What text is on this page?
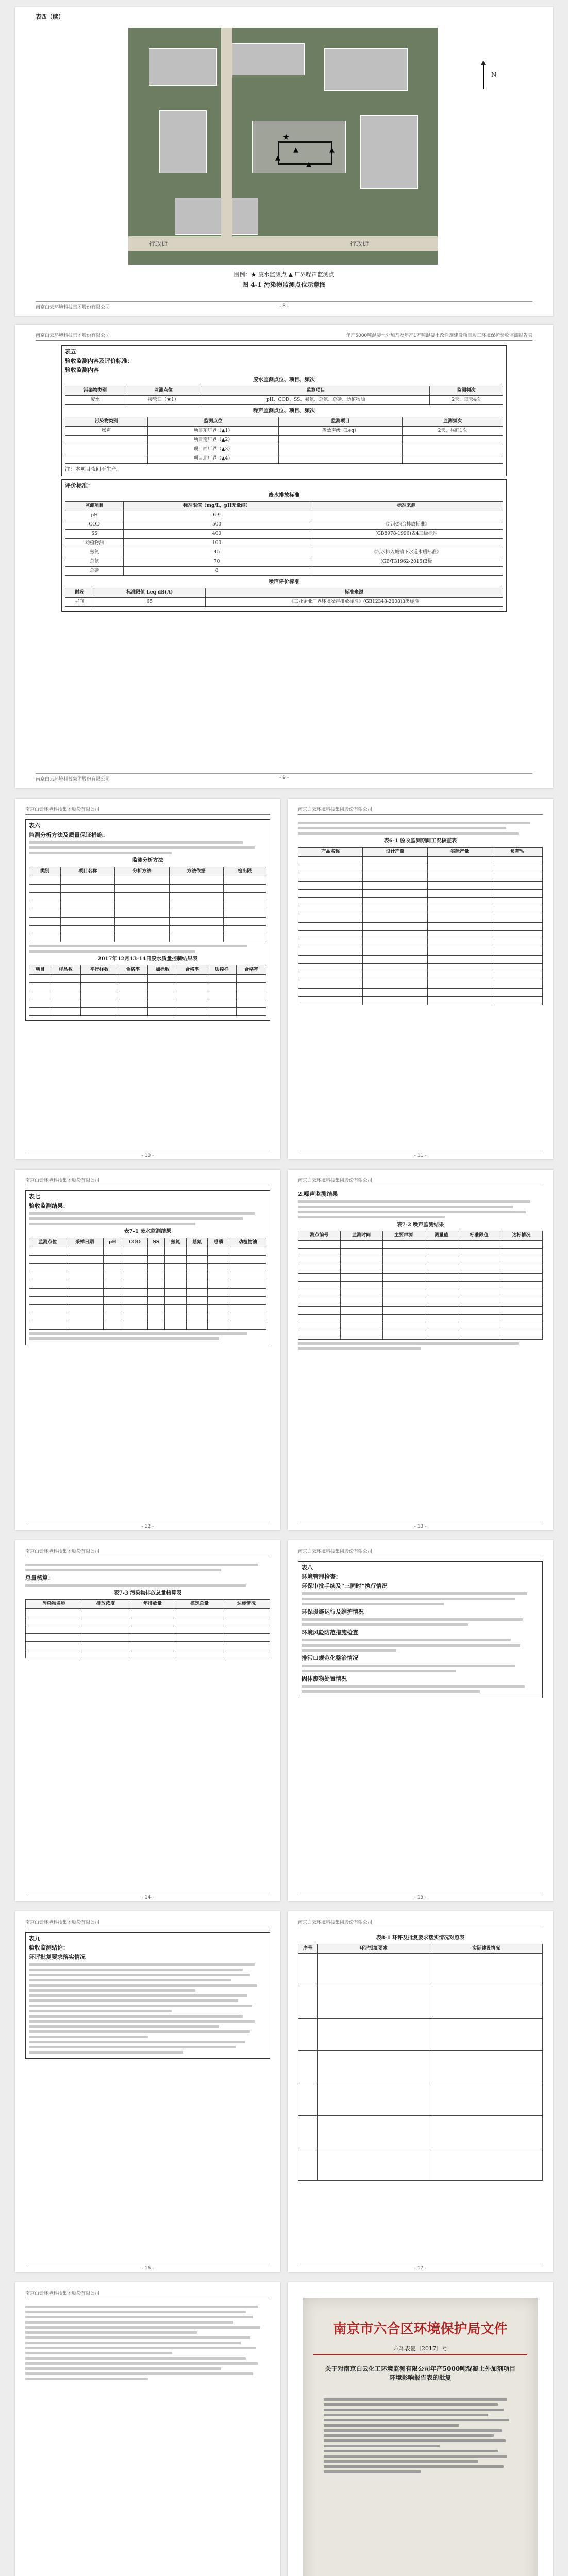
表四（续）
★
▲	▲
▲
▲
行政街	行政街
▲
N
图例：★ 废水监测点 ▲ 厂界噪声监测点
图 4-1 污染物监测点位示意图
南京白云环境科技集团股份有限公司	- 8 -
南京白云环境科技集团股份有限公司	年产5000吨混凝土外加剂及年产1万吨混凝土改性剂建设项目竣工环境保护验收监测报告表
表五
验收监测内容及评价标准：
验收监测内容
废水监测点位、项目、频次
污染物类别	监测点位	监测项目	监测频次
废水	接管口（★1）	pH、COD、SS、氨氮、总氮、总磷、动植物油	2天，每天4次
噪声监测点位、项目、频次
污染物类别	监测点位	监测项目	监测频次
噪声	项目东厂界（▲1）	等效声级（Leq）	2天，昼间1次
	项目南厂界（▲2）		
	项目西厂界（▲3）		
	项目北厂界（▲4）		
注：本项目夜间不生产。
评价标准：
废水排放标准
监测项目	标准限值（mg/L，pH无量纲）	标准来源
pH	6-9	
COD	500	《污水综合排放标准》
SS	400	(GB8978-1996)表4三级标准
动植物油	100	
氨氮	45	《污水排入城镇下水道水质标准》
总氮	70	(GB/T31962-2015)B级
总磷	8	
噪声评价标准
时段	标准限值 Leq dB(A)	标准来源
昼间	65	《工业企业厂界环境噪声排放标准》(GB12348-2008)3类标准
南京白云环境科技集团股份有限公司	- 9 -
南京白云环境科技集团股份有限公司
表六
监测分析方法及质量保证措施：
监测分析方法
类别	项目名称	分析方法	方法依据	检出限

2017年12月13-14日废水质量控制结果表
项目	样品数	平行样数	合格率	加标数	合格率	质控样	合格率

- 10 -
南京白云环境科技集团股份有限公司
表6-1 验收监测期间工况核查表
产品名称	设计产量	实际产量	负荷%

- 11 -
南京白云环境科技集团股份有限公司
表七
验收监测结果：
表7-1 废水监测结果
监测点位	采样日期	pH	COD	SS	氨氮	总氮	总磷	动植物油

- 12 -
南京白云环境科技集团股份有限公司
2.噪声监测结果
表7-2 噪声监测结果
测点编号	监测时间	主要声源	测量值	标准限值	达标情况

- 13 -
南京白云环境科技集团股份有限公司
总量核算：
表7-3 污染物排放总量核算表
污染物名称	排放浓度	年排放量	核定总量	达标情况

- 14 -
南京白云环境科技集团股份有限公司
表八
环境管理检查：
环保审批手续及“三同时”执行情况
环保设施运行及维护情况
环境风险防范措施检查
排污口规范化整治情况
固体废物处置情况
- 15 -
南京白云环境科技集团股份有限公司
表九
验收监测结论：
环评批复要求落实情况
- 16 -
南京白云环境科技集团股份有限公司
表8-1 环评及批复要求落实情况对照表
序号	环评批复要求	实际建设情况

- 17 -
南京白云环境科技集团股份有限公司
南京市六合区环境保护局文件
六环表复〔2017〕号
关于对南京白云化工环境监测有限公司年产5000吨混凝土外加剂项目环境影响报告表的批复
